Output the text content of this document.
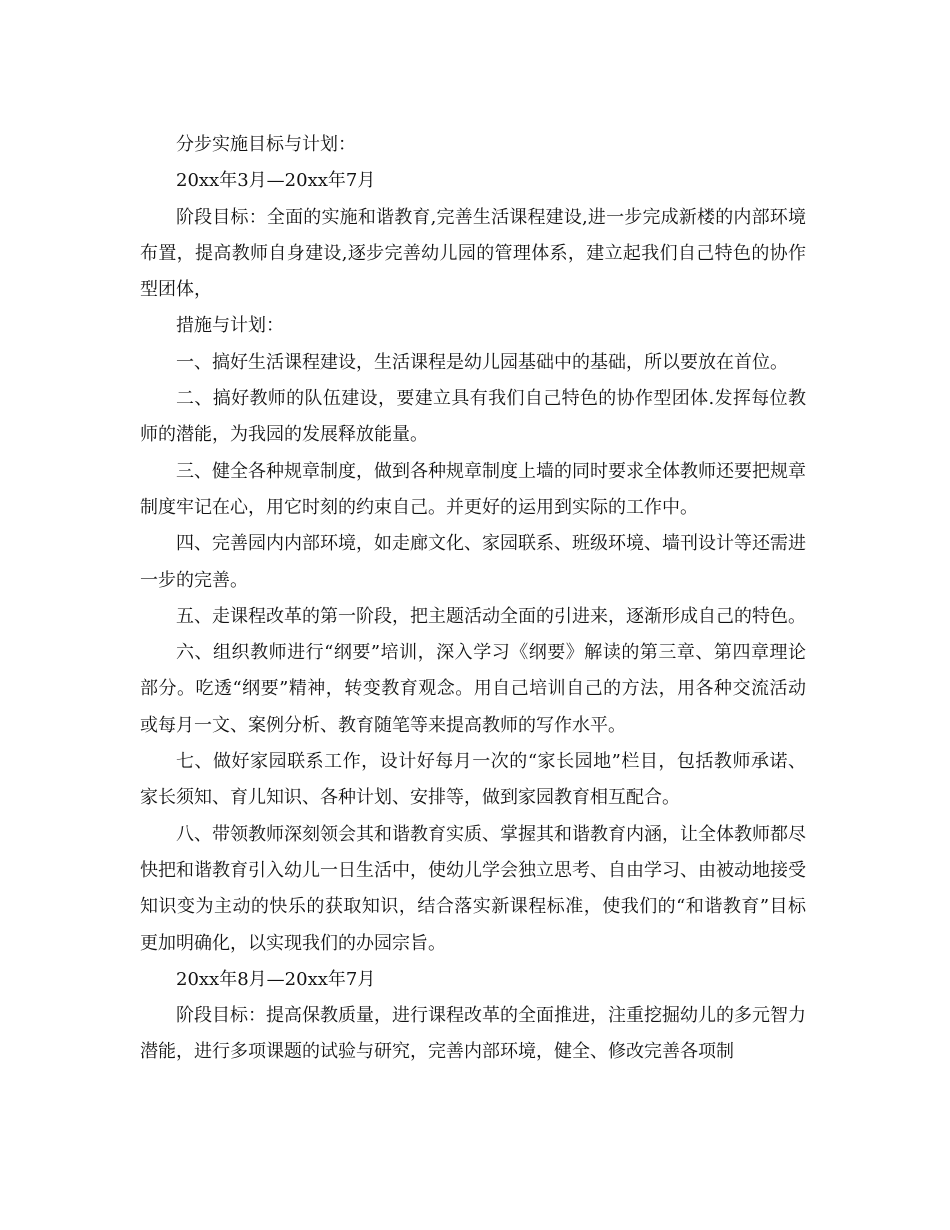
分步实施目标与计划：

20xx年3月—20xx年7月

阶段目标：全面的实施和谐教育,完善生活课程建设,进一步完成新楼的内部环境布置，提高教师自身建设,逐步完善幼儿园的管理体系，建立起我们自己特色的协作型团体，

措施与计划：

一、搞好生活课程建设，生活课程是幼儿园基础中的基础，所以要放在首位。

二、搞好教师的队伍建设，要建立具有我们自己特色的协作型团体.发挥每位教师的潜能，为我园的发展释放能量。

三、健全各种规章制度，做到各种规章制度上墙的同时要求全体教师还要把规章制度牢记在心，用它时刻的约束自己。并更好的运用到实际的工作中。

四、完善园内内部环境，如走廊文化、家园联系、班级环境、墙刊设计等还需进一步的完善。

五、走课程改革的第一阶段，把主题活动全面的引进来，逐渐形成自己的特色。

六、组织教师进行“纲要”培训，深入学习《纲要》解读的第三章、第四章理论部分。吃透“纲要”精神，转变教育观念。用自己培训自己的方法，用各种交流活动或每月一文、案例分析、教育随笔等来提高教师的写作水平。

七、做好家园联系工作，设计好每月一次的“家长园地”栏目，包括教师承诺、家长须知、育儿知识、各种计划、安排等，做到家园教育相互配合。

八、带领教师深刻领会其和谐教育实质、掌握其和谐教育内涵，让全体教师都尽快把和谐教育引入幼儿一日生活中，使幼儿学会独立思考、自由学习、由被动地接受知识变为主动的快乐的获取知识，结合落实新课程标准，使我们的“和谐教育”目标更加明确化，以实现我们的办园宗旨。

20xx年8月—20xx年7月

阶段目标：提高保教质量，进行课程改革的全面推进，注重挖掘幼儿的多元智力潜能，进行多项课题的试验与研究，完善内部环境，健全、修改完善各项制
